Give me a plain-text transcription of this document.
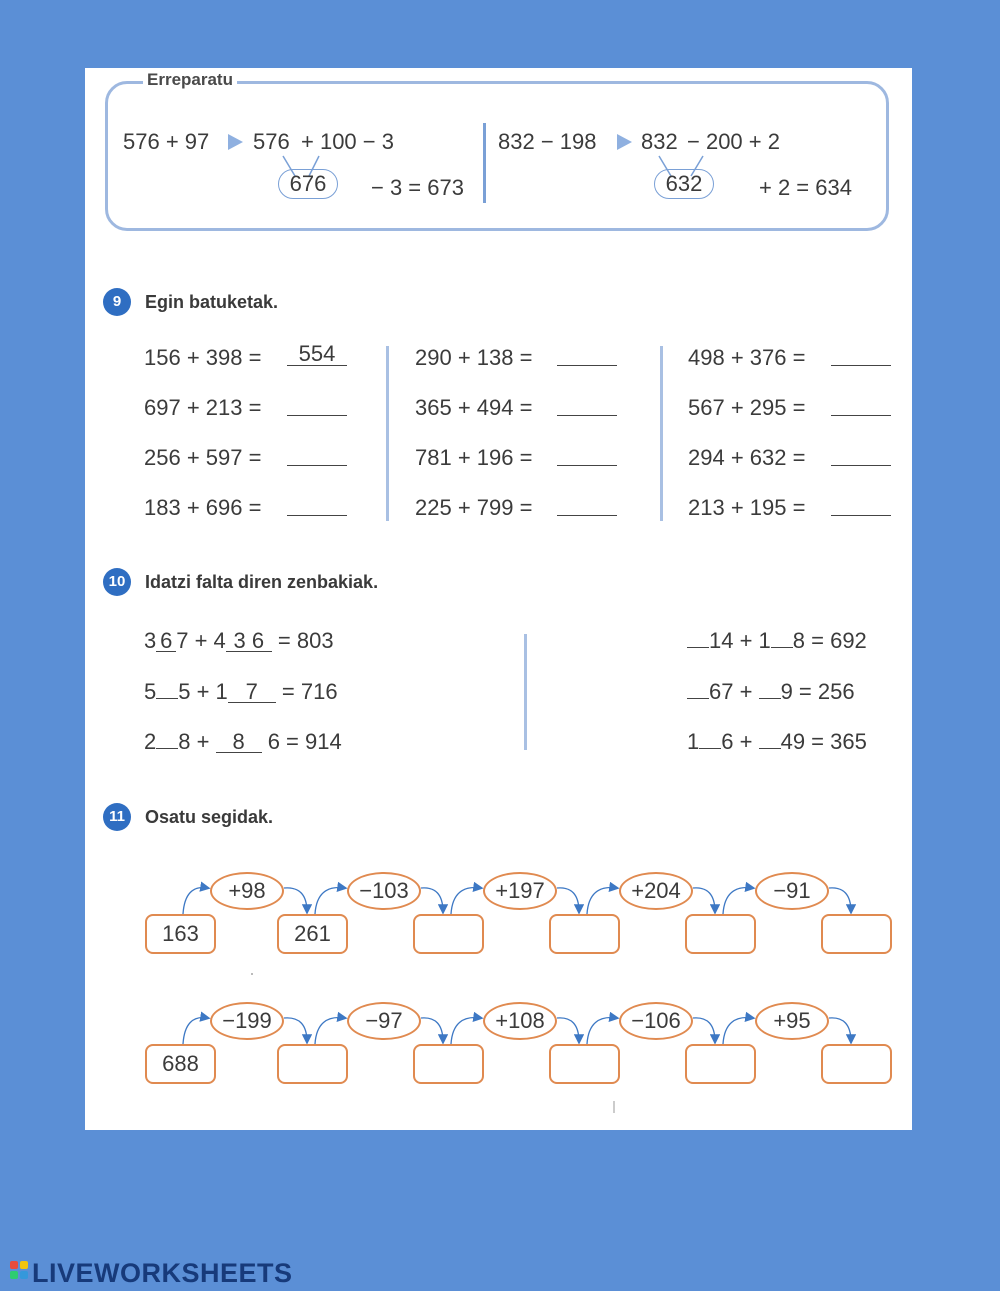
Erreparatu
576 + 97 576 + 100 − 3
676	− 3 = 673
832 − 198 832 − 200 + 2
632	+ 2 = 634
9	Egin batuketak.
156 + 398 =	554
697 + 213 =
256 + 597 =
183 + 696 =
290 + 138 =
365 + 494 =
781 + 196 =
225 + 799 =
498 + 376 =
567 + 295 =
294 + 632 =
213 + 195 =
10	Idatzi falta diren zenbakiak.
3 6 7 + 4 3 6 = 803
5 5 + 1 7 = 716
2 8 + 8 6 = 914
14 + 1 8 = 692
67 + 9 = 256
1 6 + 49 = 365
11	Osatu segidak.
163
+98
261
−103	+197	+204	−91
688
−199	−97	+108	−106	+95
LIVEWORKSHEETS
